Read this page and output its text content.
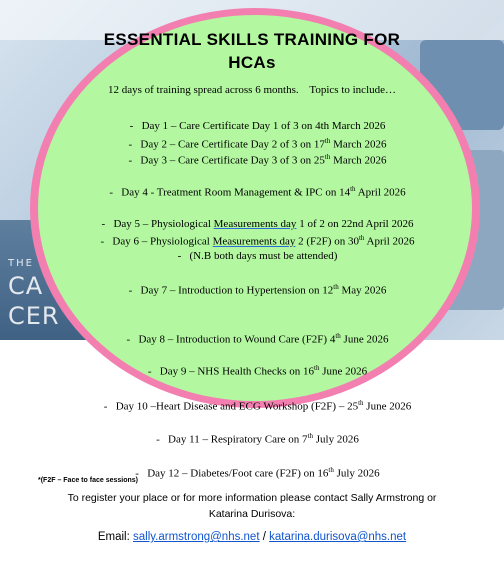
THE
CA
CER
ESSENTIAL SKILLS TRAINING FOR
HCAs
12 days of training spread across 6 months.    Topics to include…

- Day 1 – Care Certificate Day 1 of 3 on 4th March 2026

- Day 2 – Care Certificate Day 2 of 3 on 17th March 2026

- Day 3 – Care Certificate Day 3 of 3 on 25th March 2026

- Day 4 - Treatment Room Management & IPC on 14th April 2026

- Day 5 – Physiological Measurements day 1 of 2 on 22nd April 2026

- Day 6 – Physiological Measurements day 2 (F2F) on 30th April 2026

- (N.B both days must be attended)

- Day 7 – Introduction to Hypertension on 12th May 2026

- Day 8 – Introduction to Wound Care (F2F) 4th June 2026

- Day 9 – NHS Health Checks on 16th June 2026

- Day 10 –Heart Disease and ECG Workshop (F2F) – 25th June 2026

- Day 11 – Respiratory Care on 7th July 2026

- Day 12 – Diabetes/Foot care (F2F) on 16th July 2026

*(F2F – Face to face sessions)
To register your place or for more information please contact Sally Armstrong or
Katarina Durisova:
Email: sally.armstrong@nhs.net / katarina.durisova@nhs.net
